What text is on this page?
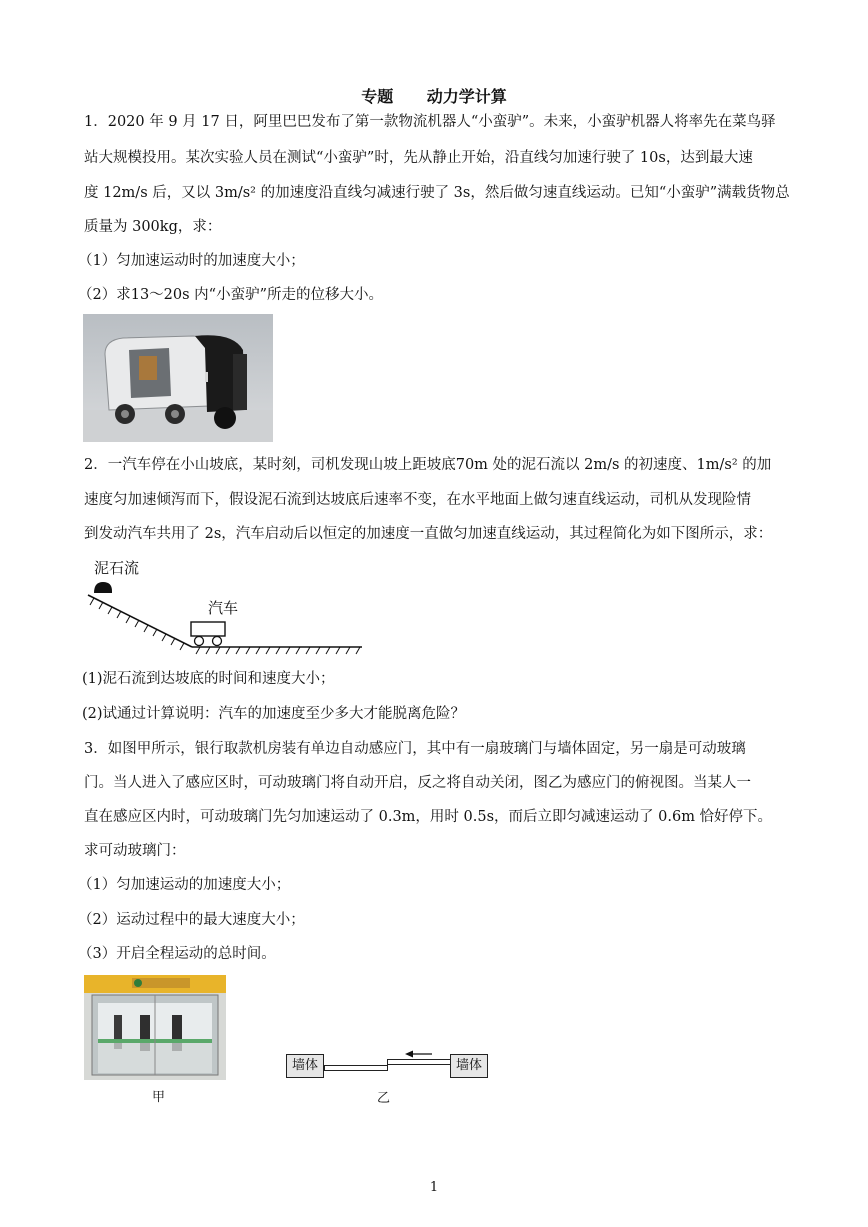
专题 动力学计算
1．2020 年 9 月 17 日，阿里巴巴发布了第一款物流机器人“小蛮驴”。未来，小蛮驴机器人将率先在菜鸟驿
站大规模投用。某次实验人员在测试“小蛮驴”时，先从静止开始，沿直线匀加速行驶了 10s，达到最大速
度 12m/s 后，又以 3m/s² 的加速度沿直线匀减速行驶了 3s，然后做匀速直线运动。已知“小蛮驴”满载货物总
质量为 300kg，求：
（1）匀加速运动时的加速度大小；
（2）求13～20s 内“小蛮驴”所走的位移大小。
2．一汽车停在小山坡底，某时刻，司机发现山坡上距坡底70m 处的泥石流以 2m/s 的初速度、1m/s² 的加
速度匀加速倾泻而下，假设泥石流到达坡底后速率不变，在水平地面上做匀速直线运动，司机从发现险情
到发动汽车共用了 2s，汽车启动后以恒定的加速度一直做匀加速直线运动，其过程简化为如下图所示，求：
泥石流
汽车
(1)泥石流到达坡底的时间和速度大小；
(2)试通过计算说明：汽车的加速度至少多大才能脱离危险？
3．如图甲所示，银行取款机房装有单边自动感应门，其中有一扇玻璃门与墙体固定，另一扇是可动玻璃
门。当人进入了感应区时，可动玻璃门将自动开启，反之将自动关闭，图乙为感应门的俯视图。当某人一
直在感应区内时，可动玻璃门先匀加速运动了 0.3m，用时 0.5s，而后立即匀减速运动了 0.6m 恰好停下。
求可动玻璃门：
（1）匀加速运动的加速度大小；
（2）运动过程中的最大速度大小；
（3）开启全程运动的总时间。
甲
墙体	墙体
乙
1
